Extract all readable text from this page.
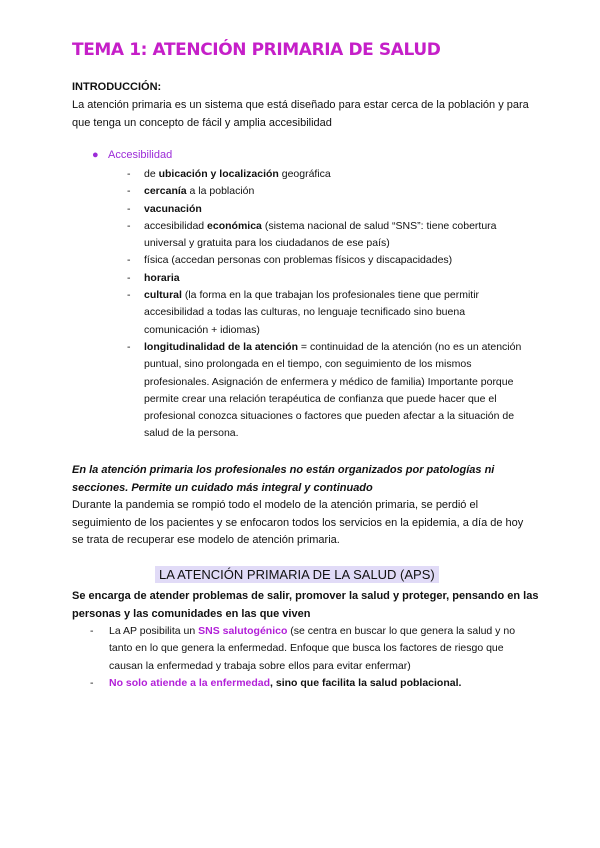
TEMA 1: ATENCIÓN PRIMARIA DE SALUD

INTRODUCCIÓN:

La atención primaria es un sistema que está diseñado para estar cerca de la población y para que tenga un concepto de fácil y amplia accesibilidad

● Accesibilidad
- de ubicación y localización geográfica
- cercanía a la población
- vacunación
- accesibilidad económica (sistema nacional de salud “SNS”: tiene cobertura universal y gratuita para los ciudadanos de ese país)
- física (accedan personas con problemas físicos y discapacidades)
- horaria
- cultural (la forma en la que trabajan los profesionales tiene que permitir accesibilidad a todas las culturas, no lenguaje tecnificado sino buena comunicación + idiomas)
- longitudinalidad de la atención = continuidad de la atención (no es un atención puntual, sino prolongada en el tiempo, con seguimiento de los mismos profesionales. Asignación de enfermera y médico de familia) Importante porque permite crear una relación terapéutica de confianza que puede hacer que el profesional conozca situaciones o factores que pueden afectar a la situación de salud de la persona.
En la atención primaria los profesionales no están organizados por patologías ni secciones. Permite un cuidado más integral y continuado
Durante la pandemia se rompió todo el modelo de la atención primaria, se perdió el seguimiento de los pacientes y se enfocaron todos los servicios en la epidemia, a día de hoy se trata de recuperar ese modelo de atención primaria.
LA ATENCIÓN PRIMARIA DE LA SALUD (APS)

Se encarga de atender problemas de salir, promover la salud y proteger, pensando en las personas y las comunidades en las que viven

- La AP posibilita un SNS salutogénico (se centra en buscar lo que genera la salud y no tanto en lo que genera la enfermedad. Enfoque que busca los factores de riesgo que causan la enfermedad y trabaja sobre ellos para evitar enfermar)
- No solo atiende a la enfermedad, sino que facilita la salud poblacional.
